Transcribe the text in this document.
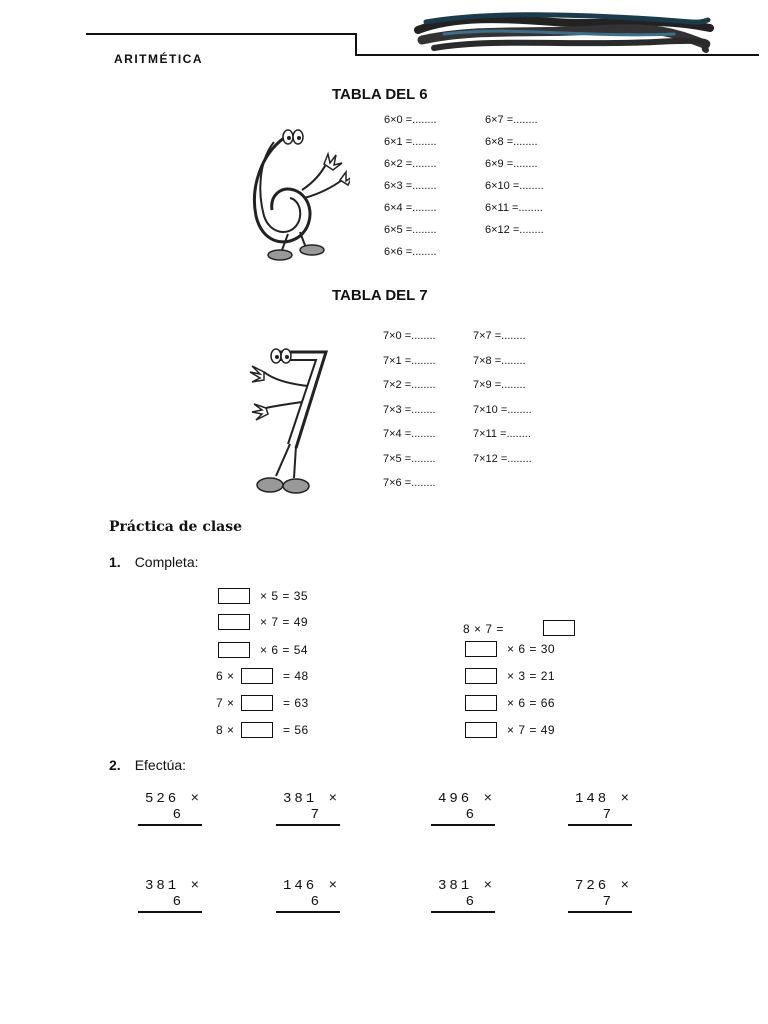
ARITMÉTICA
TABLA DEL 6
TABLA DEL 7
Práctica de clase
1. Completa:
2. Efectúa:
6×0 =........
6×1 =........
6×2 =........
6×3 =........
6×4 =........
6×5 =........
6×6 =........
6×7 =........
6×8 =........
6×9 =........
6×10 =........
6×11 =........
6×12 =........
7×0 =........
7×1 =........
7×2 =........
7×3 =........
7×4 =........
7×5 =........
7×6 =........
7×7 =........
7×8 =........
7×9 =........
7×10 =........
7×11 =........
7×12 =........
× 5 = 35
× 7 = 49
× 6 = 54
6 ×	= 48
7 ×	= 63
8 ×	= 56
8 × 7 =
× 6 = 30
× 3 = 21
× 6 = 66
× 7 = 49
526 ×
6
381 ×
7
496 ×
6
148 ×
7
381 ×
6
146 ×
6
381 ×
6
726 ×
7
